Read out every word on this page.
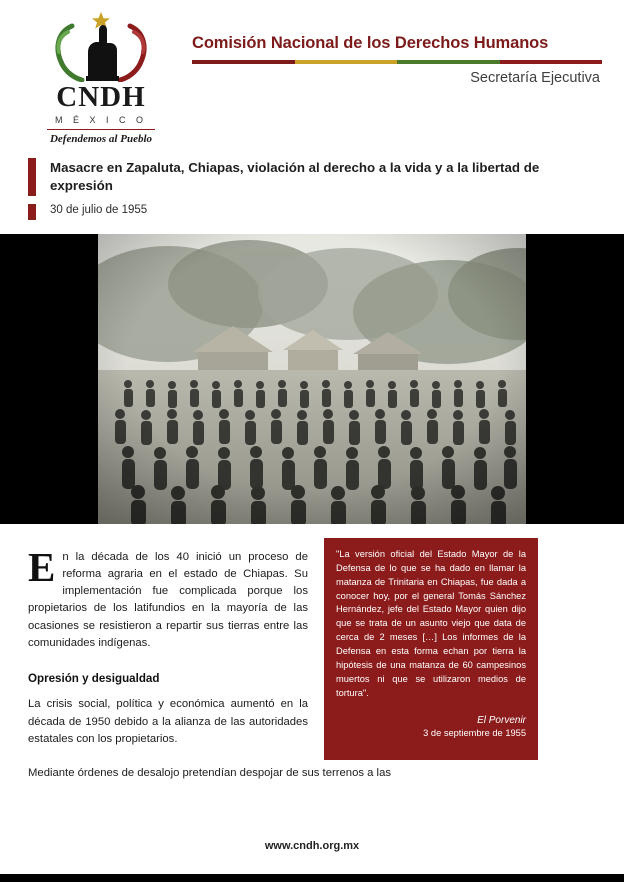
CNDH
M É X I C O
Defendemos al Pueblo
Comisión Nacional de los Derechos Humanos
Secretaría Ejecutiva
Masacre en Zapaluta, Chiapas, violación al derecho a la vida y a la libertad de expresión
30 de julio de 1955

En la década de los 40 inició un proceso de reforma agraria en el estado de Chiapas. Su implementación fue complicada porque los propietarios de los latifundios en la mayoría de las ocasiones se resistieron a repartir sus tierras entre las comunidades indígenas.

Opresión y desigualdad

La crisis social, política y económica aumentó en la década de 1950 debido a la alianza de las autoridades estatales con los propietarios.

"La versión oficial del Estado Mayor de la Defensa de lo que se ha dado en llamar la matanza de Trinitaria en Chiapas, fue dada a conocer hoy, por el general Tomás Sánchez Hernández, jefe del Estado Mayor quien dijo que se trata de un asunto viejo que data de cerca de 2 meses […] Los informes de la Defensa en esta forma echan por tierra la hipótesis de una matanza de 60 campesinos muertos ni que se utilizaron medios de tortura".
El Porvenir
3 de septiembre de 1955
Mediante órdenes de desalojo pretendían despojar de sus terrenos a las
www.cndh.org.mx
